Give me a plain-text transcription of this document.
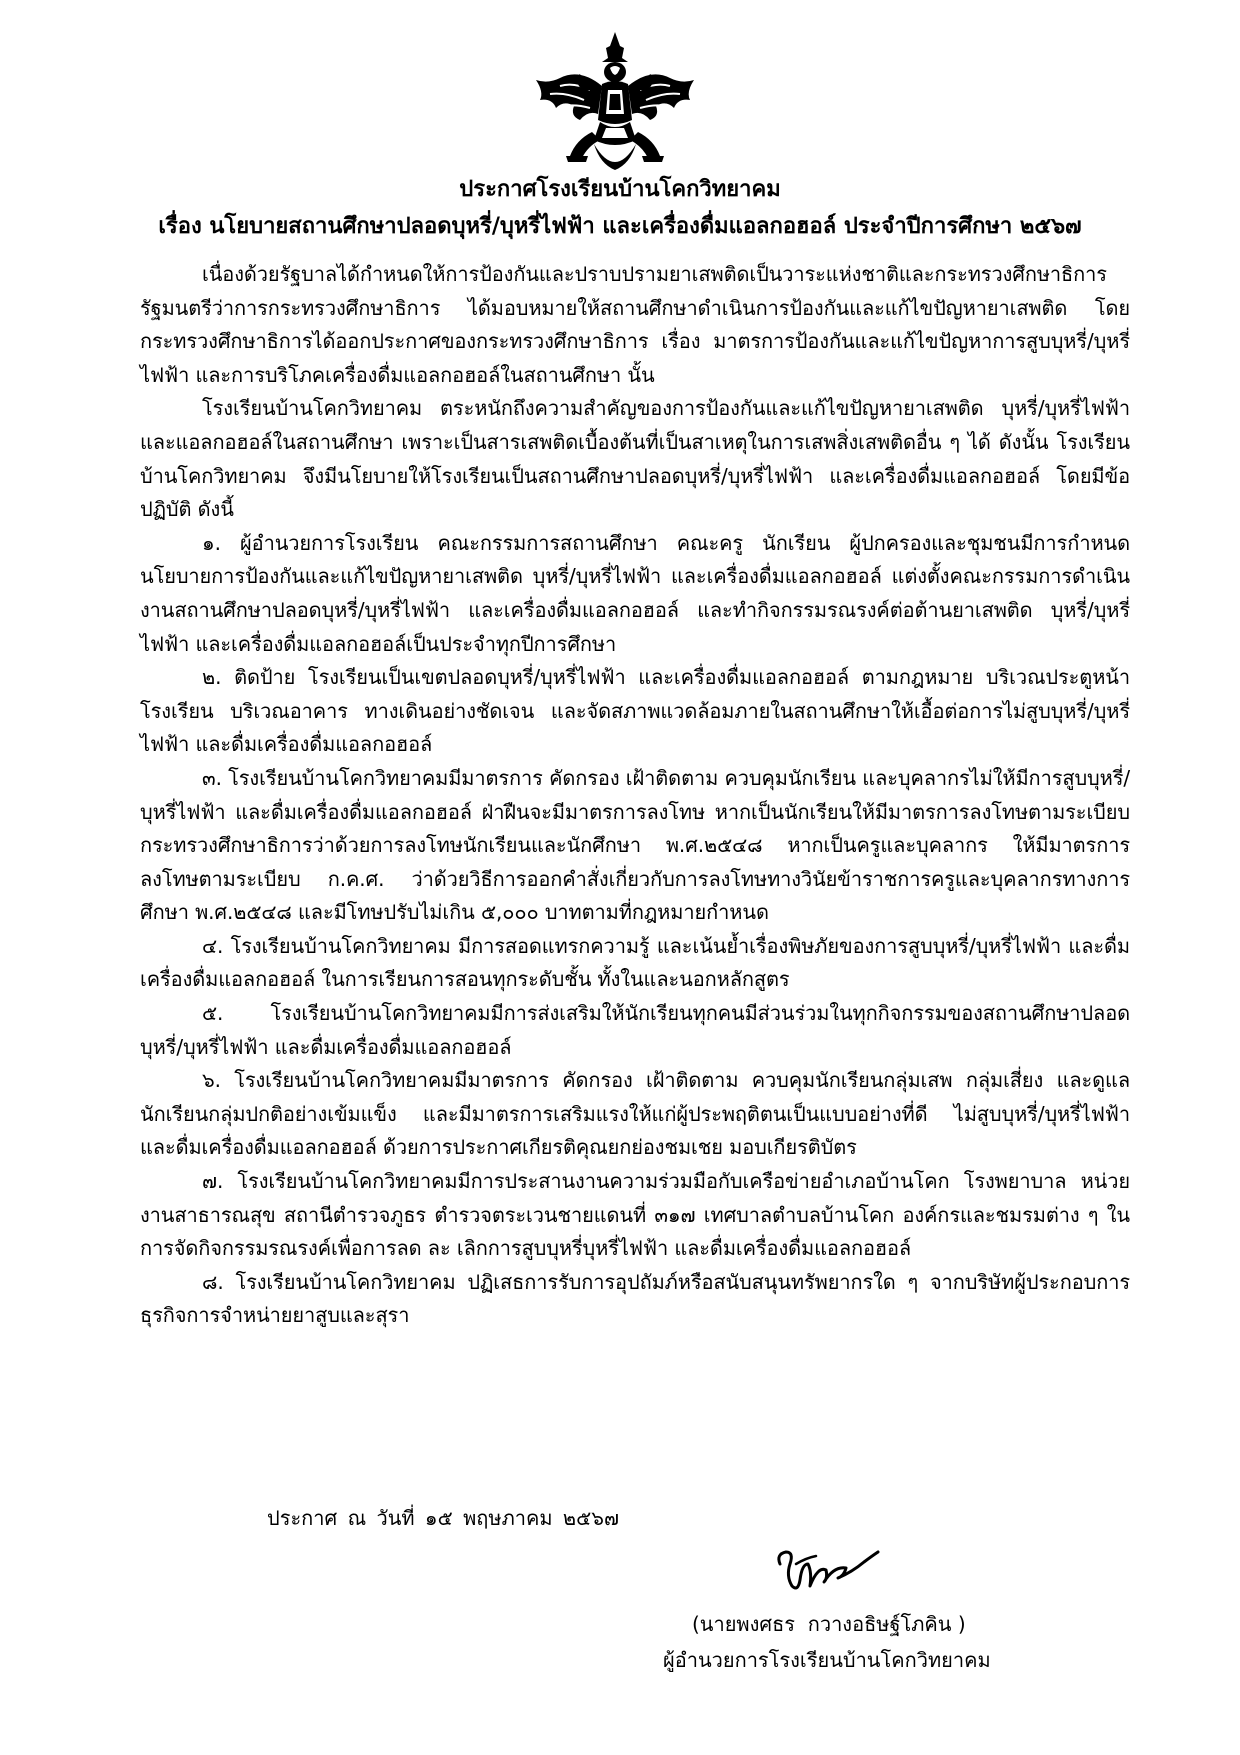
ประกาศโรงเรียนบ้านโคกวิทยาคม
เรื่อง นโยบายสถานศึกษาปลอดบุหรี่/บุหรี่ไฟฟ้า และเครื่องดื่มแอลกอฮอล์ ประจำปีการศึกษา ๒๕๖๗

เนื่องด้วยรัฐบาลได้กำหนดให้การป้องกันและปราบปรามยาเสพติดเป็นวาระแห่งชาติและกระทรวงศึกษาธิการ รัฐมนตรีว่าการกระทรวงศึกษาธิการ ได้มอบหมายให้สถานศึกษาดำเนินการป้องกันและแก้ไขปัญหายาเสพติด โดยกระทรวงศึกษาธิการได้ออกประกาศของกระทรวงศึกษาธิการ เรื่อง มาตรการป้องกันและแก้ไขปัญหาการสูบบุหรี่/บุหรี่ไฟฟ้า และการบริโภคเครื่องดื่มแอลกอฮอล์ในสถานศึกษา นั้น

โรงเรียนบ้านโคกวิทยาคม ตระหนักถึงความสำคัญของการป้องกันและแก้ไขปัญหายาเสพติด บุหรี่/บุหรี่ไฟฟ้า และแอลกอฮอล์ในสถานศึกษา เพราะเป็นสารเสพติดเบื้องต้นที่เป็นสาเหตุในการเสพสิ่งเสพติดอื่น ๆ ได้ ดังนั้น โรงเรียนบ้านโคกวิทยาคม จึงมีนโยบายให้โรงเรียนเป็นสถานศึกษาปลอดบุหรี่/บุหรี่ไฟฟ้า และเครื่องดื่มแอลกอฮอล์ โดยมีข้อปฏิบัติ ดังนี้

๑. ผู้อำนวยการโรงเรียน คณะกรรมการสถานศึกษา คณะครู นักเรียน ผู้ปกครองและชุมชนมีการกำหนดนโยบายการป้องกันและแก้ไขปัญหายาเสพติด บุหรี่/บุหรี่ไฟฟ้า และเครื่องดื่มแอลกอฮอล์ แต่งตั้งคณะกรรมการดำเนินงานสถานศึกษาปลอดบุหรี่/บุหรี่ไฟฟ้า และเครื่องดื่มแอลกอฮอล์ และทำกิจกรรมรณรงค์ต่อต้านยาเสพติด บุหรี่/บุหรี่ไฟฟ้า และเครื่องดื่มแอลกอฮอล์เป็นประจำทุกปีการศึกษา

๒. ติดป้าย โรงเรียนเป็นเขตปลอดบุหรี่/บุหรี่ไฟฟ้า และเครื่องดื่มแอลกอฮอล์ ตามกฎหมาย บริเวณประตูหน้าโรงเรียน บริเวณอาคาร ทางเดินอย่างชัดเจน และจัดสภาพแวดล้อมภายในสถานศึกษาให้เอื้อต่อการไม่สูบบุหรี่/บุหรี่ไฟฟ้า และดื่มเครื่องดื่มแอลกอฮอล์

๓. โรงเรียนบ้านโคกวิทยาคมมีมาตรการ คัดกรอง เฝ้าติดตาม ควบคุมนักเรียน และบุคลากรไม่ให้มีการสูบบุหรี่/บุหรี่ไฟฟ้า และดื่มเครื่องดื่มแอลกอฮอล์ ฝ่าฝืนจะมีมาตรการลงโทษ หากเป็นนักเรียนให้มีมาตรการลงโทษตามระเบียบ กระทรวงศึกษาธิการว่าด้วยการลงโทษนักเรียนและนักศึกษา พ.ศ.๒๕๔๘ หากเป็นครูและบุคลากร ให้มีมาตรการลงโทษตามระเบียบ ก.ค.ศ. ว่าด้วยวิธีการออกคำสั่งเกี่ยวกับการลงโทษทางวินัยข้าราชการครูและบุคลากรทางการศึกษา พ.ศ.๒๕๔๘ และมีโทษปรับไม่เกิน ๕,๐๐๐ บาทตามที่กฎหมายกำหนด

๔. โรงเรียนบ้านโคกวิทยาคม มีการสอดแทรกความรู้ และเน้นย้ำเรื่องพิษภัยของการสูบบุหรี่/บุหรี่ไฟฟ้า และดื่มเครื่องดื่มแอลกอฮอล์ ในการเรียนการสอนทุกระดับชั้น ทั้งในและนอกหลักสูตร

๕. โรงเรียนบ้านโคกวิทยาคมมีการส่งเสริมให้นักเรียนทุกคนมีส่วนร่วมในทุกกิจกรรมของสถานศึกษาปลอดบุหรี่/บุหรี่ไฟฟ้า และดื่มเครื่องดื่มแอลกอฮอล์

๖. โรงเรียนบ้านโคกวิทยาคมมีมาตรการ คัดกรอง เฝ้าติดตาม ควบคุมนักเรียนกลุ่มเสพ กลุ่มเสี่ยง และดูแลนักเรียนกลุ่มปกติอย่างเข้มแข็ง และมีมาตรการเสริมแรงให้แก่ผู้ประพฤติตนเป็นแบบอย่างที่ดี ไม่สูบบุหรี่/บุหรี่ไฟฟ้า และดื่มเครื่องดื่มแอลกอฮอล์ ด้วยการประกาศเกียรติคุณยกย่องชมเชย มอบเกียรติบัตร

๗. โรงเรียนบ้านโคกวิทยาคมมีการประสานงานความร่วมมือกับเครือข่ายอำเภอบ้านโคก โรงพยาบาล หน่วยงานสาธารณสุข สถานีตำรวจภูธร ตำรวจตระเวนชายแดนที่ ๓๑๗ เทศบาลตำบลบ้านโคก องค์กรและชมรมต่าง ๆ ในการจัดกิจกรรมรณรงค์เพื่อการลด ละ เลิกการสูบบุหรี่บุหรี่ไฟฟ้า และดื่มเครื่องดื่มแอลกอฮอล์

๘. โรงเรียนบ้านโคกวิทยาคม ปฏิเสธการรับการอุปถัมภ์หรือสนับสนุนทรัพยากรใด ๆ จากบริษัทผู้ประกอบการธุรกิจการจำหน่ายยาสูบและสุรา

ประกาศ ณ วันที่ ๑๕ พฤษภาคม ๒๕๖๗
(นายพงศธร  กวางอธิษฐ์โภคิน )
ผู้อำนวยการโรงเรียนบ้านโคกวิทยาคม
